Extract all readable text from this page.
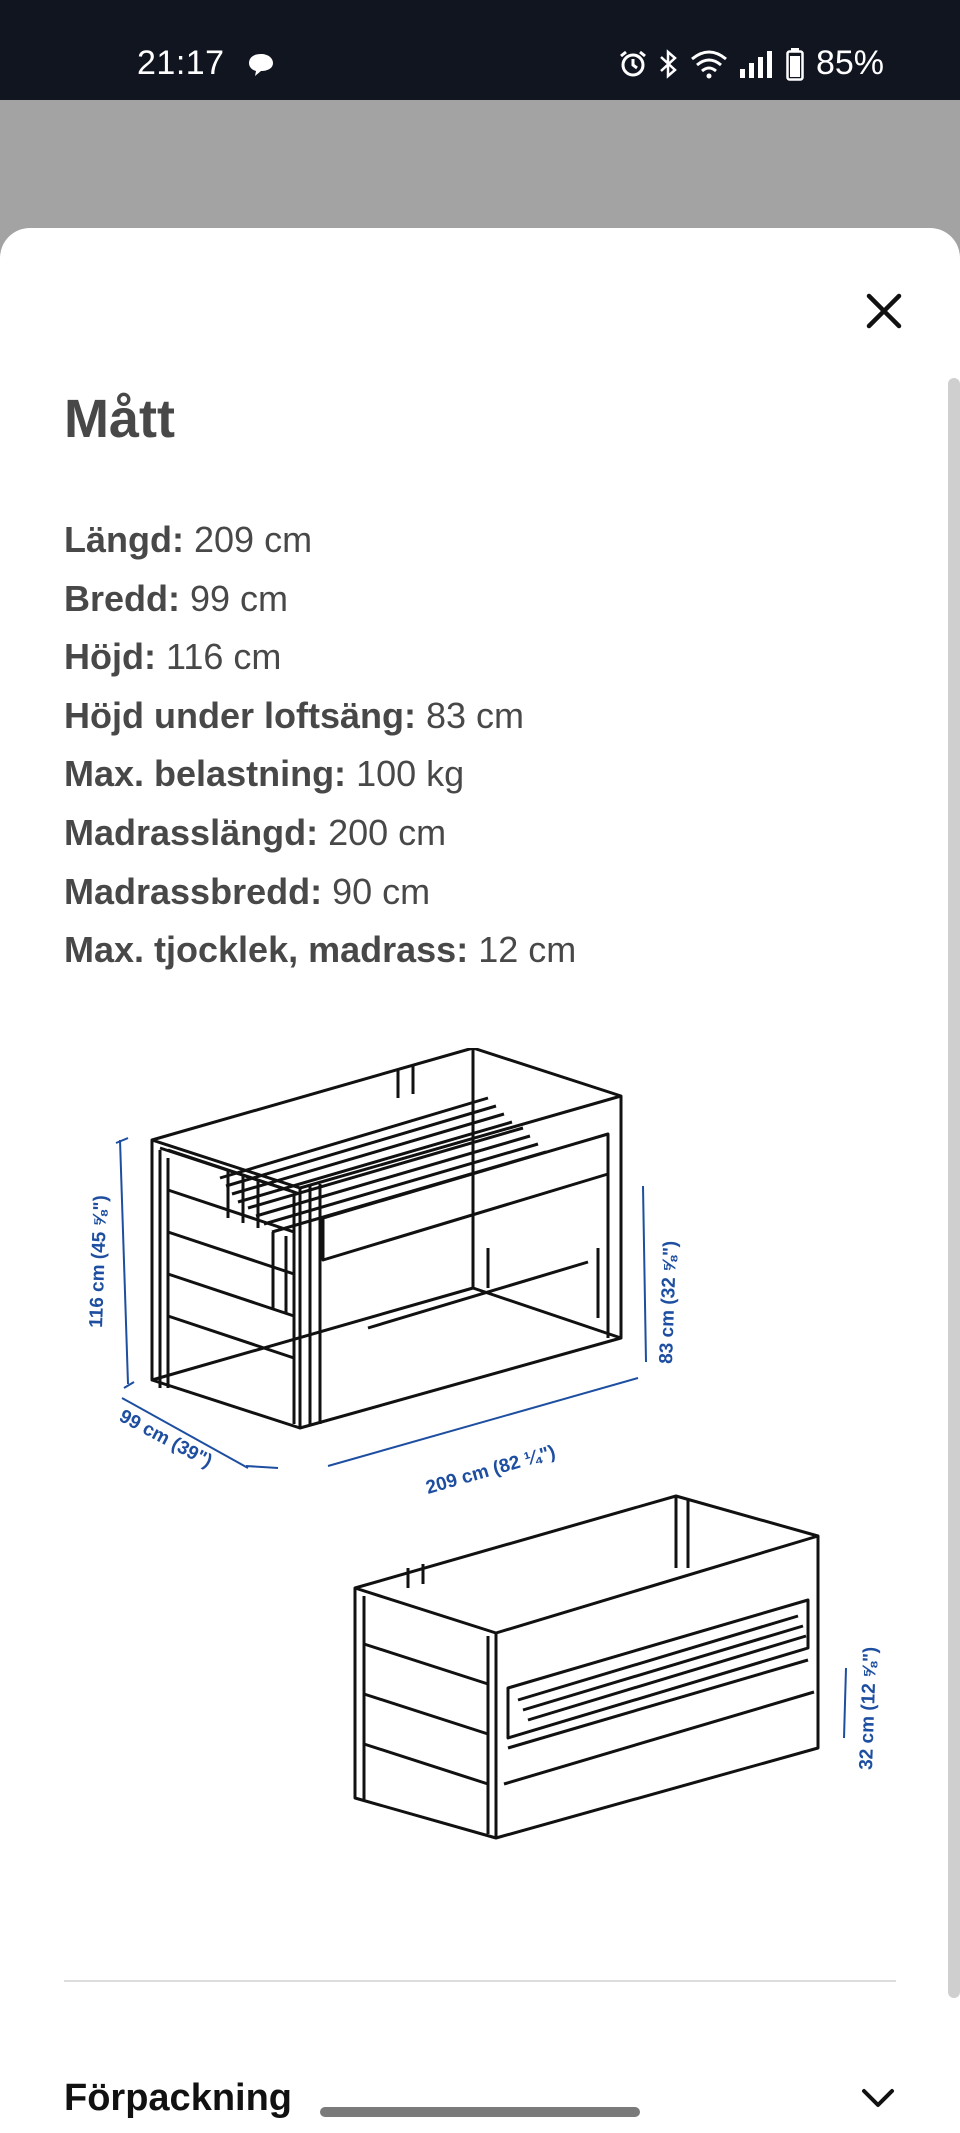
21:17	85%
Mått
Längd: 209 cm
Bredd: 99 cm
Höjd: 116 cm
Höjd under loftsäng: 83 cm
Max. belastning: 100 kg
Madrasslängd: 200 cm
Madrassbredd: 90 cm
Max. tjocklek, madrass: 12 cm
116 cm (45 ⅝")	83 cm (32 ⅝")
99 cm (39")	209 cm (82 ¼")
32 cm (12 ⅝")
Förpackning
